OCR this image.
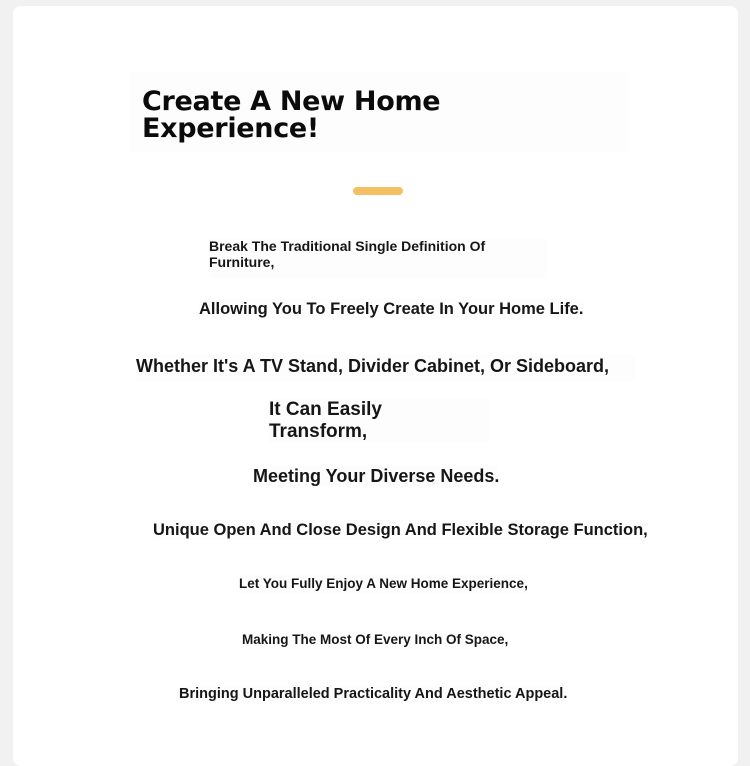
Create A New Home Experience!

Break The Traditional Single Definition Of Furniture,

Allowing You To Freely Create In Your Home Life.

Whether It's A TV Stand, Divider Cabinet, Or Sideboard,

It Can Easily Transform,

Meeting Your Diverse Needs.

Unique Open And Close Design And Flexible Storage Function,

Let You Fully Enjoy A New Home Experience,

Making The Most Of Every Inch Of Space,

Bringing Unparalleled Practicality And Aesthetic Appeal.
